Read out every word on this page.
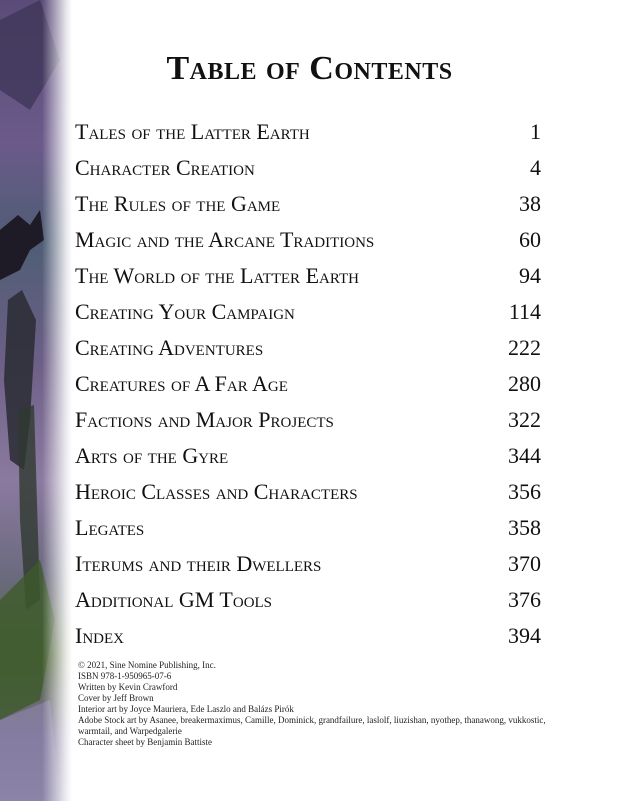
Table of Contents
Tales of the Latter Earth	1
Character Creation	4
The Rules of the Game	38
Magic and the Arcane Traditions	60
The World of the Latter Earth	94
Creating Your Campaign	114
Creating Adventures	222
Creatures of A Far Age	280
Factions and Major Projects	322
Arts of the Gyre	344
Heroic Classes and Characters	356
Legates	358
Iterums and their Dwellers	370
Additional GM Tools	376
Index	394
© 2021, Sine Nomine Publishing, Inc.
ISBN 978-1-950965-07-6
Written by Kevin Crawford
Cover by Jeff Brown
Interior art by Joyce Mauriera, Ede Laszlo and Balázs Pirók
Adobe Stock art by Asanee, breakermaximus, Camille, Dominick, grandfailure, laslolf, liuzishan, nyothep, thanawong, vukkostic, warmtail, and Warpedgalerie
Character sheet by Benjamin Battiste
